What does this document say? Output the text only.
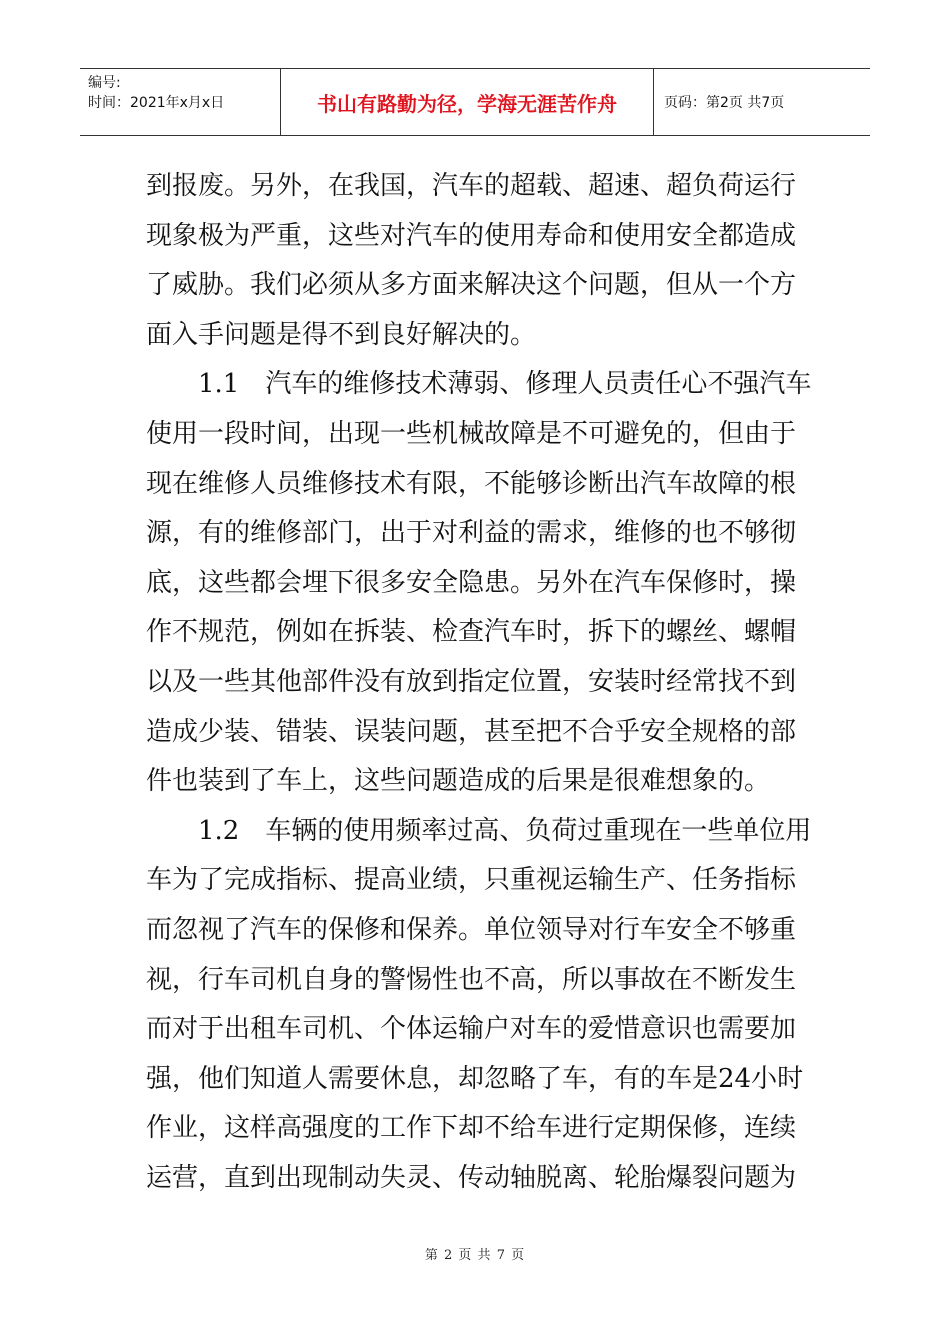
编号:
时间：2021年x月x日	书山有路勤为径，学海无涯苦作舟	页码：第2页 共7页
到报废。另外，在我国，汽车的超载、超速、超负荷运行
现象极为严重，这些对汽车的使用寿命和使用安全都造成
了威胁。我们必须从多方面来解决这个问题，但从一个方
面入手问题是得不到良好解决的。
　　1.1　汽车的维修技术薄弱、修理人员责任心不强汽车
使用一段时间，出现一些机械故障是不可避免的，但由于
现在维修人员维修技术有限，不能够诊断出汽车故障的根
源，有的维修部门，出于对利益的需求，维修的也不够彻
底，这些都会埋下很多安全隐患。另外在汽车保修时，操
作不规范，例如在拆装、检查汽车时，拆下的螺丝、螺帽
以及一些其他部件没有放到指定位置，安装时经常找不到
造成少装、错装、误装问题，甚至把不合乎安全规格的部
件也装到了车上，这些问题造成的后果是很难想象的。
　　1.2　车辆的使用频率过高、负荷过重现在一些单位用
车为了完成指标、提高业绩，只重视运输生产、任务指标
而忽视了汽车的保修和保养。单位领导对行车安全不够重
视，行车司机自身的警惕性也不高，所以事故在不断发生
而对于出租车司机、个体运输户对车的爱惜意识也需要加
强，他们知道人需要休息，却忽略了车，有的车是24小时
作业，这样高强度的工作下却不给车进行定期保修，连续
运营，直到出现制动失灵、传动轴脱离、轮胎爆裂问题为
第 2 页 共 7 页
